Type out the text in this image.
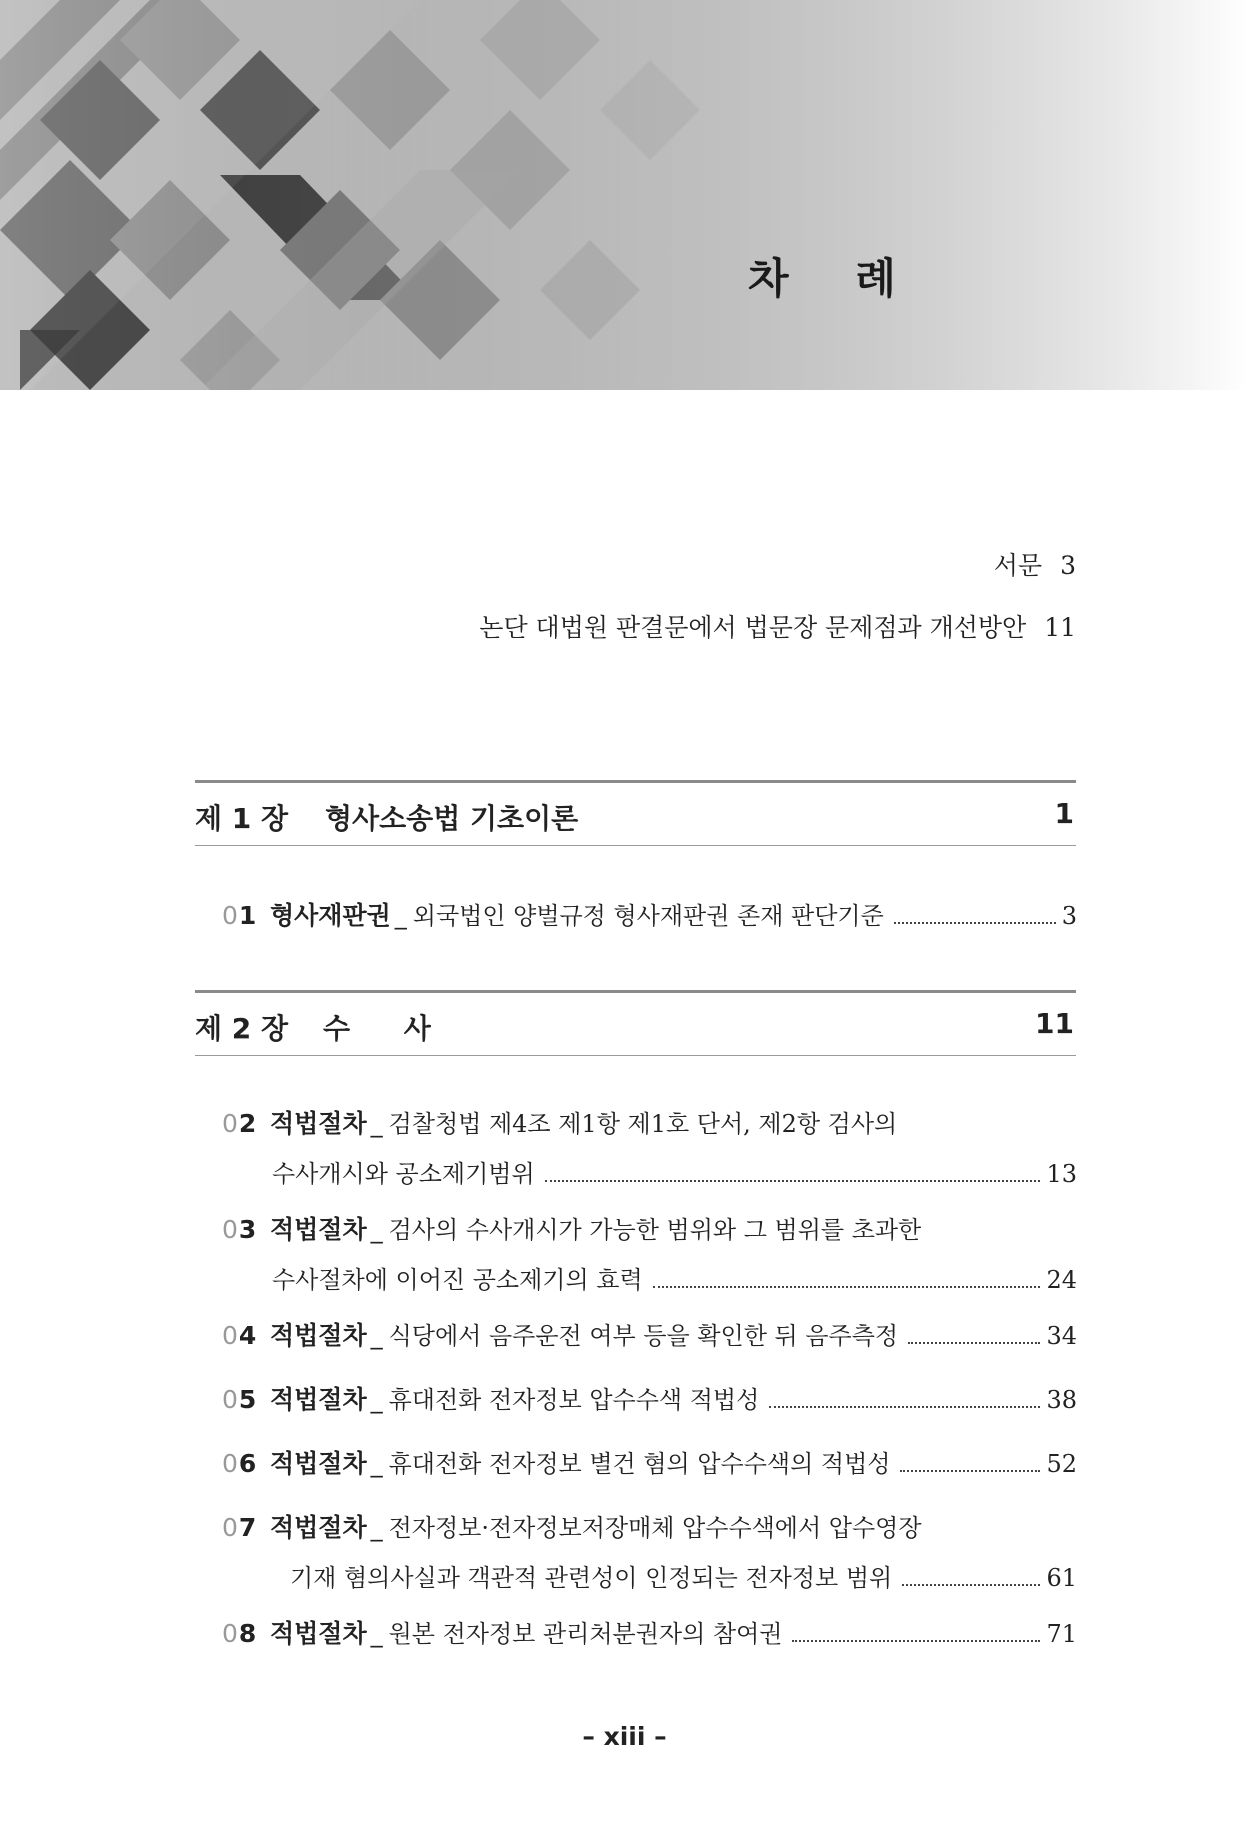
차 례
서문 3
논단 대법원 판결문에서 법문장 문제점과 개선방안 11
제 1 장 형사소송법 기초이론	1
01 형사재판권 _ 외국법인 양벌규정 형사재판권 존재 판단기준	3
제 2 장 수 사	11
02 적법절차 _ 검찰청법 제4조 제1항 제1호 단서, 제2항 검사의
수사개시와 공소제기범위	13
03 적법절차 _ 검사의 수사개시가 가능한 범위와 그 범위를 초과한
수사절차에 이어진 공소제기의 효력	24
04 적법절차 _ 식당에서 음주운전 여부 등을 확인한 뒤 음주측정	34
05 적법절차 _ 휴대전화 전자정보 압수수색 적법성	38
06 적법절차 _ 휴대전화 전자정보 별건 혐의 압수수색의 적법성	52
07 적법절차 _ 전자정보·전자정보저장매체 압수수색에서 압수영장
기재 혐의사실과 객관적 관련성이 인정되는 전자정보 범위	61
08 적법절차 _ 원본 전자정보 관리처분권자의 참여권	71
– xiii –
